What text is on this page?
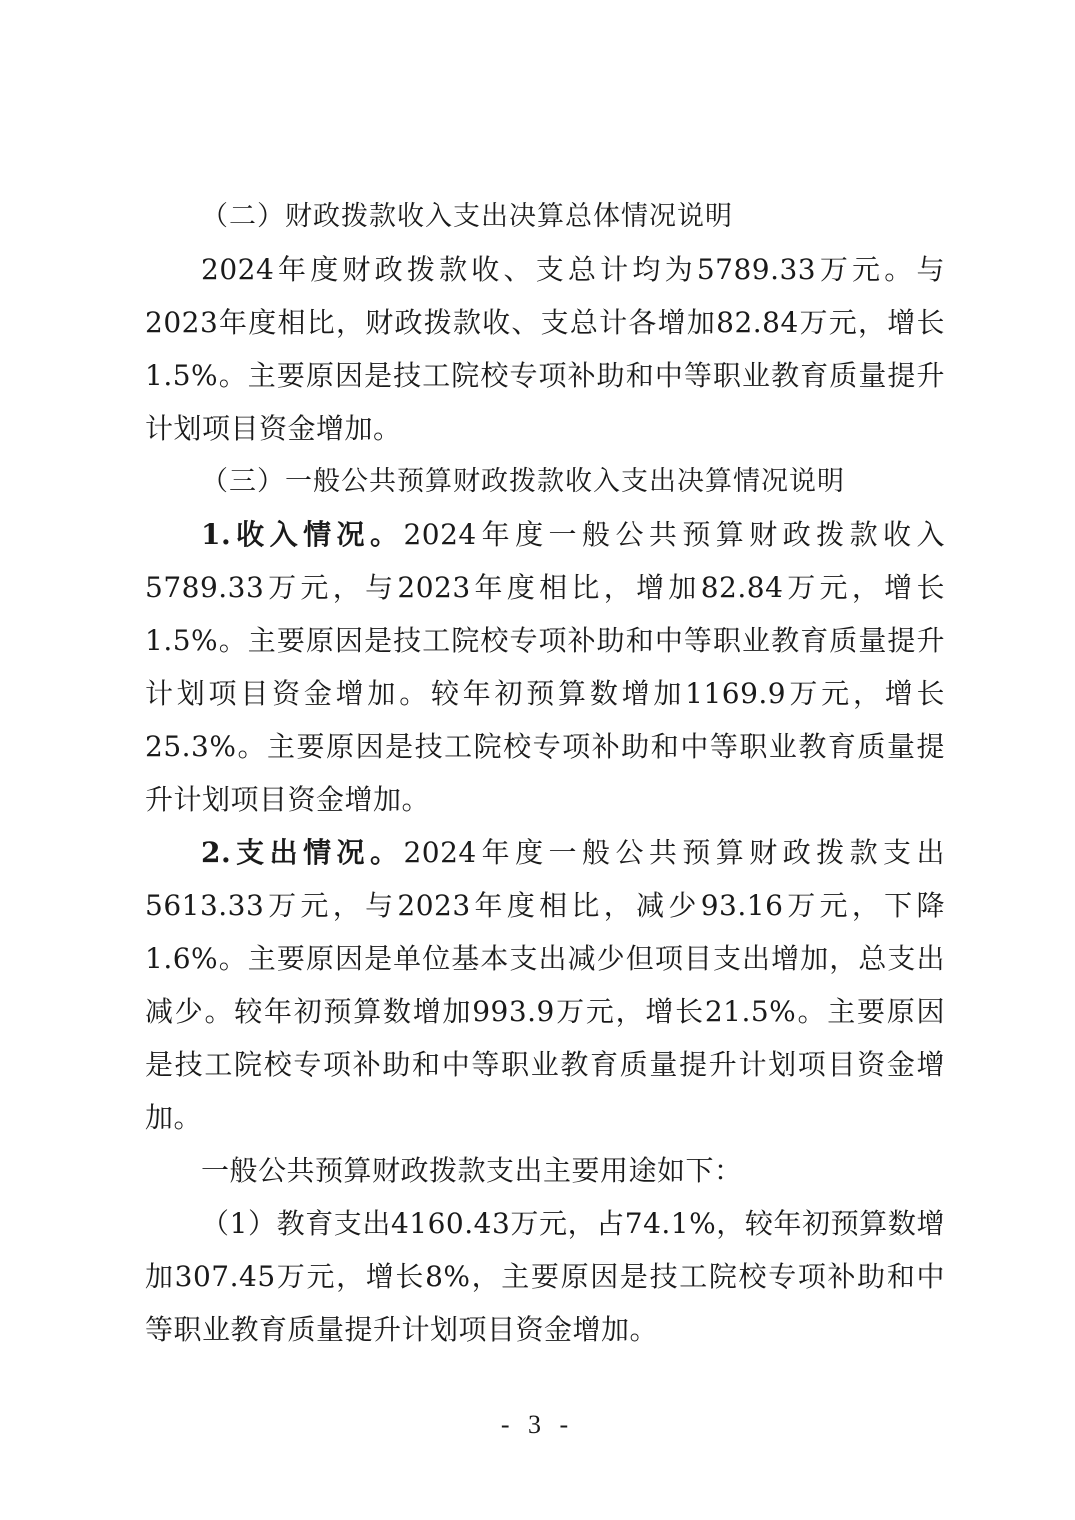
（二）财政拨款收入支出决算总体情况说明

2024年度财政拨款收、支总计均为5789.33万元。与2023年度相比，财政拨款收、支总计各增加82.84万元，增长1.5%。主要原因是技工院校专项补助和中等职业教育质量提升计划项目资金增加。

（三）一般公共预算财政拨款收入支出决算情况说明

1.收入情况。2024年度一般公共预算财政拨款收入5789.33万元，与2023年度相比，增加82.84万元，增长1.5%。主要原因是技工院校专项补助和中等职业教育质量提升计划项目资金增加。较年初预算数增加1169.9万元，增长25.3%。主要原因是技工院校专项补助和中等职业教育质量提升计划项目资金增加。

2.支出情况。2024年度一般公共预算财政拨款支出5613.33万元，与2023年度相比，减少93.16万元，下降1.6%。主要原因是单位基本支出减少但项目支出增加，总支出减少。较年初预算数增加993.9万元，增长21.5%。主要原因是技工院校专项补助和中等职业教育质量提升计划项目资金增加。

一般公共预算财政拨款支出主要用途如下：

（1）教育支出4160.43万元，占74.1%，较年初预算数增加307.45万元，增长8%，主要原因是技工院校专项补助和中等职业教育质量提升计划项目资金增加。

- 3 -
